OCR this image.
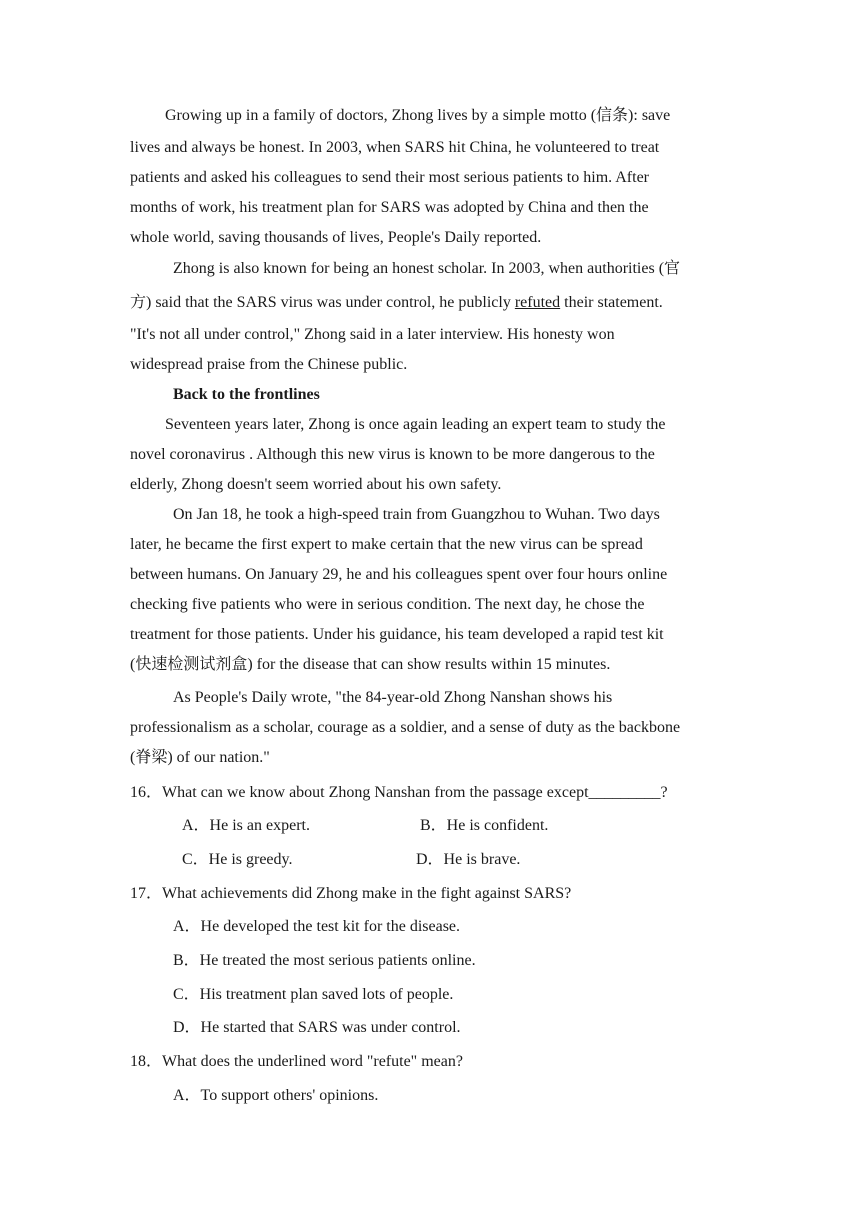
Growing up in a family of doctors, Zhong lives by a simple motto (信条): save
lives and always be honest. In 2003, when SARS hit China, he volunteered to treat
patients and asked his colleagues to send their most serious patients to him. After
months of work, his treatment plan for SARS was adopted by China and then the
whole world, saving thousands of lives, People's Daily reported.
Zhong is also known for being an honest scholar. In 2003, when authorities (官
方) said that the SARS virus was under control, he publicly refuted their statement.
"It's not all under control," Zhong said in a later interview. His honesty won
widespread praise from the Chinese public.
Back to the frontlines
Seventeen years later, Zhong is once again leading an expert team to study the
novel coronavirus . Although this new virus is known to be more dangerous to the
elderly, Zhong doesn't seem worried about his own safety.
On Jan 18, he took a high-speed train from Guangzhou to Wuhan. Two days
later, he became the first expert to make certain that the new virus can be spread
between humans. On January 29, he and his colleagues spent over four hours online
checking five patients who were in serious condition. The next day, he chose the
treatment for those patients. Under his guidance, his team developed a rapid test kit
(快速检测试剂盒) for the disease that can show results within 15 minutes.
As People's Daily wrote, "the 84-year-old Zhong Nanshan shows his
professionalism as a scholar, courage as a soldier, and a sense of duty as the backbone
(脊梁) of our nation."
16．What can we know about Zhong Nanshan from the passage except_________?
A．He is an expert.	B．He is confident.
C．He is greedy.	D．He is brave.
17．What achievements did Zhong make in the fight against SARS?
A．He developed the test kit for the disease.
B．He treated the most serious patients online.
C．His treatment plan saved lots of people.
D．He started that SARS was under control.
18．What does the underlined word "refute" mean?
A．To support others' opinions.
